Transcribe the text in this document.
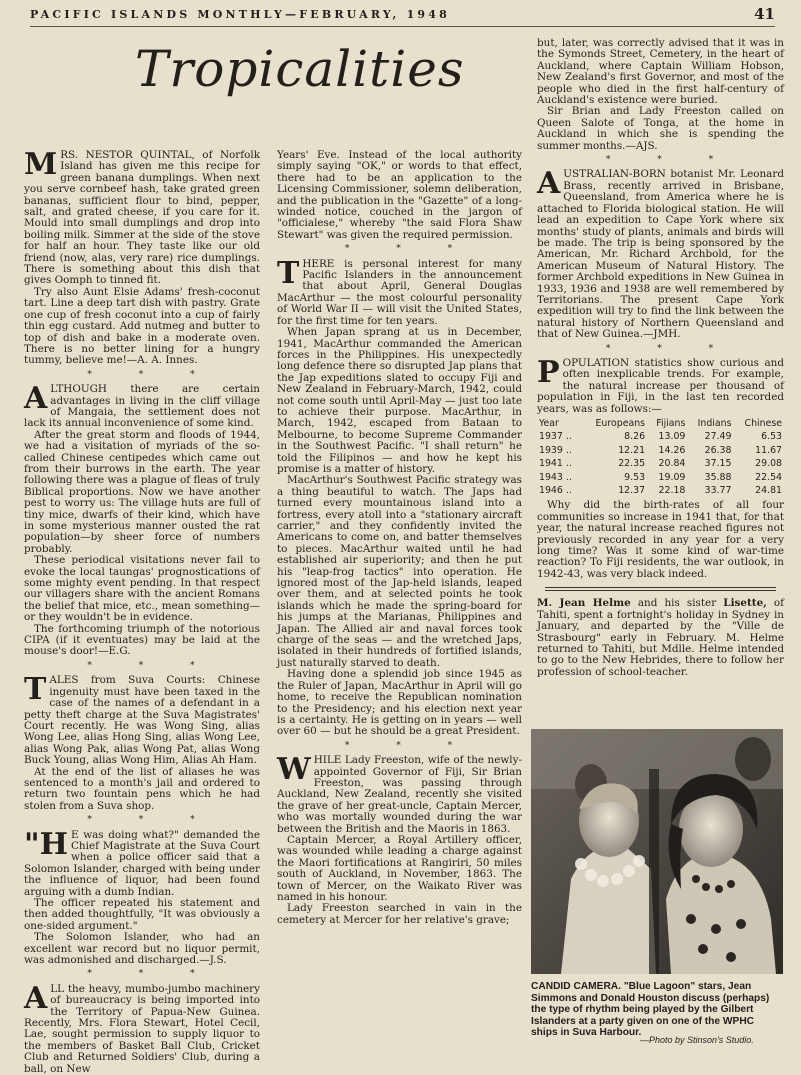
PACIFIC ISLANDS MONTHLY—FEBRUARY, 1948	41
Tropicalities

MRS. NESTOR QUINTAL, of Norfolk Island has given me this recipe for green banana dumplings. When next you serve cornbeef hash, take grated green bananas, sufficient flour to bind, pepper, salt, and grated cheese, if you care for it. Mould into small dumplings and drop into boiling milk. Simmer at the side of the stove for half an hour. They taste like our old friend (now, alas, very rare) rice dumplings. There is something about this dish that gives Oomph to tinned fit.

Try also Aunt Elsie Adams' fresh-coconut tart. Line a deep tart dish with pastry. Grate one cup of fresh coconut into a cup of fairly thin egg custard. Add nutmeg and butter to top of dish and bake in a moderate oven. There is no better lining for a hungry tummy, believe me!—A. A. Innes.

* * *

ALTHOUGH there are certain advantages in living in the cliff village of Mangaia, the settlement does not lack its annual inconvenience of some kind.

After the great storm and floods of 1944, we had a visitation of myriads of the so-called Chinese centipedes which came out from their burrows in the earth. The year following there was a plague of fleas of truly Biblical proportions. Now we have another pest to worry us: The village huts are full of tiny mice, dwarfs of their kind, which have in some mysterious manner ousted the rat population—by sheer force of numbers probably.

These periodical visitations never fail to evoke the local taungas' prognostications of some mighty event pending. In that respect our villagers share with the ancient Romans the belief that mice, etc., mean something—or they wouldn't be in evidence.

The forthcoming triumph of the notorious CIPA (if it eventuates) may be laid at the mouse's door!—E.G.

* * *

TALES from Suva Courts: Chinese ingenuity must have been taxed in the case of the names of a defendant in a petty theft charge at the Suva Magistrates' Court recently. He was Wong Sing, alias Wong Lee, alias Hong Sing, alias Wong Lee, alias Wong Pak, alias Wong Pat, alias Wong Buck Young, alias Wong Him, Alias Ah Ham.

At the end of the list of aliases he was sentenced to a month's jail and ordered to return two fountain pens which he had stolen from a Suva shop.

* * *

"H E was doing what?" demanded the Chief Magistrate at the Suva Court when a police officer said that a Solomon Islander, charged with being under the influence of liquor, had been found arguing with a dumb Indian.

The officer repeated his statement and then added thoughtfully, "It was obviously a one-sided argument."

The Solomon Islander, who had an excellent war record but no liquor permit, was admonished and discharged.—J.S.

* * *

ALL the heavy, mumbo-jumbo machinery of bureaucracy is being imported into the Territory of Papua-New Guinea. Recently, Mrs. Flora Stewart, Hotel Cecil, Lae, sought permission to supply liquor to the members of Basket Ball Club, Cricket Club and Returned Soldiers' Club, during a ball, on New

Years' Eve. Instead of the local authority simply saying "OK," or words to that effect, there had to be an application to the Licensing Commissioner, solemn deliberation, and the publication in the "Gazette" of a long-winded notice, couched in the jargon of "officialese," whereby "the said Flora Shaw Stewart" was given the required permission.

* * *

THERE is personal interest for many Pacific Islanders in the announcement that about April, General Douglas MacArthur — the most colourful personality of World War II — will visit the United States, for the first time for ten years.

When Japan sprang at us in December, 1941, MacArthur commanded the American forces in the Philippines. His unexpectedly long defence there so disrupted Jap plans that the Jap expeditions slated to occupy Fiji and New Zealand in February-March, 1942, could not come south until April-May — just too late to achieve their purpose. MacArthur, in March, 1942, escaped from Bataan to Melbourne, to become Supreme Commander in the Southwest Pacific. "I shall return" he told the Filipinos — and how he kept his promise is a matter of history.

MacArthur's Southwest Pacific strategy was a thing beautiful to watch. The Japs had turned every mountainous island into a fortress, every atoll into a "stationary aircraft carrier," and they confidently invited the Americans to come on, and batter themselves to pieces. MacArthur waited until he had established air superiority; and then he put his "leap-frog tactics" into operation. He ignored most of the Jap-held islands, leaped over them, and at selected points he took islands which he made the spring-board for his jumps at the Marianas, Philippines and Japan. The Allied air and naval forces took charge of the seas — and the wretched Japs, isolated in their hundreds of fortified islands, just naturally starved to death.

Having done a splendid job since 1945 as the Ruler of Japan, MacArthur in April will go home, to receive the Republican nomination to the Presidency; and his election next year is a certainty. He is getting on in years — well over 60 — but he should be a great President.

* * *

WHILE Lady Freeston, wife of the newly-appointed Governor of Fiji, Sir Brian Freeston, was passing through Auckland, New Zealand, recently she visited the grave of her great-uncle, Captain Mercer, who was mortally wounded during the war between the British and the Maoris in 1863.

Captain Mercer, a Royal Artillery officer, was wounded while leading a charge against the Maori fortifications at Rangiriri, 50 miles south of Auckland, in November, 1863. The town of Mercer, on the Waikato River was named in his honour.

Lady Freeston searched in vain in the cemetery at Mercer for her relative's grave;

but, later, was correctly advised that it was in the Symonds Street, Cemetery, in the heart of Auckland, where Captain William Hobson, New Zealand's first Governor, and most of the people who died in the first half-century of Auckland's existence were buried.

Sir Brian and Lady Freeston called on Queen Salote of Tonga, at the home in Auckland in which she is spending the summer months.—AJS.

* * *

AUSTRALIAN-BORN botanist Mr. Leonard Brass, recently arrived in Brisbane, Queensland, from America where he is attached to Florida biological station. He will lead an expedition to Cape York where six months' study of plants, animals and birds will be made. The trip is being sponsored by the American, Mr. Richard Archbold, for the American Museum of Natural History. The former Archbold expeditions in New Guinea in 1933, 1936 and 1938 are well remembered by Territorians. The present Cape York expedition will try to find the link between the natural history of Northern Queensland and that of New Guinea.—JMH.

* * *

POPULATION statistics show curious and often inexplicable trends. For example, the natural increase per thousand of population in Fiji, in the last ten recorded years, was as follows:—

Year	Europeans	Fijians	Indians	Chinese
1937 ..	8.26	13.09	27.49	6.53
1939 ..	12.21	14.26	26.38	11.67
1941 ..	22.35	20.84	37.15	29.08
1943 ..	9.53	19.09	35.88	22.54
1946 ..	12.37	22.18	33.77	24.81

Why did the birth-rates of all four communities so increase in 1941 that, for that year, the natural increase reached figures not previously recorded in any year for a very long time? Was it some kind of war-time reaction? To Fiji residents, the war outlook, in 1942-43, was very black indeed.

M. Jean Helme and his sister Lisette, of Tahiti, spent a fortnight's holiday in Sydney in January, and departed by the "Ville de Strasbourg" early in February. M. Helme returned to Tahiti, but Mdlle. Helme intended to go to the New Hebrides, there to follow her profession of school-teacher.

CANDID CAMERA. "Blue Lagoon" stars, Jean Simmons and Donald Houston discuss (perhaps) the type of rhythm being played by the Gilbert Islanders at a party given on one of the WPHC ships in Suva Harbour.
—Photo by Stinson's Studio.
